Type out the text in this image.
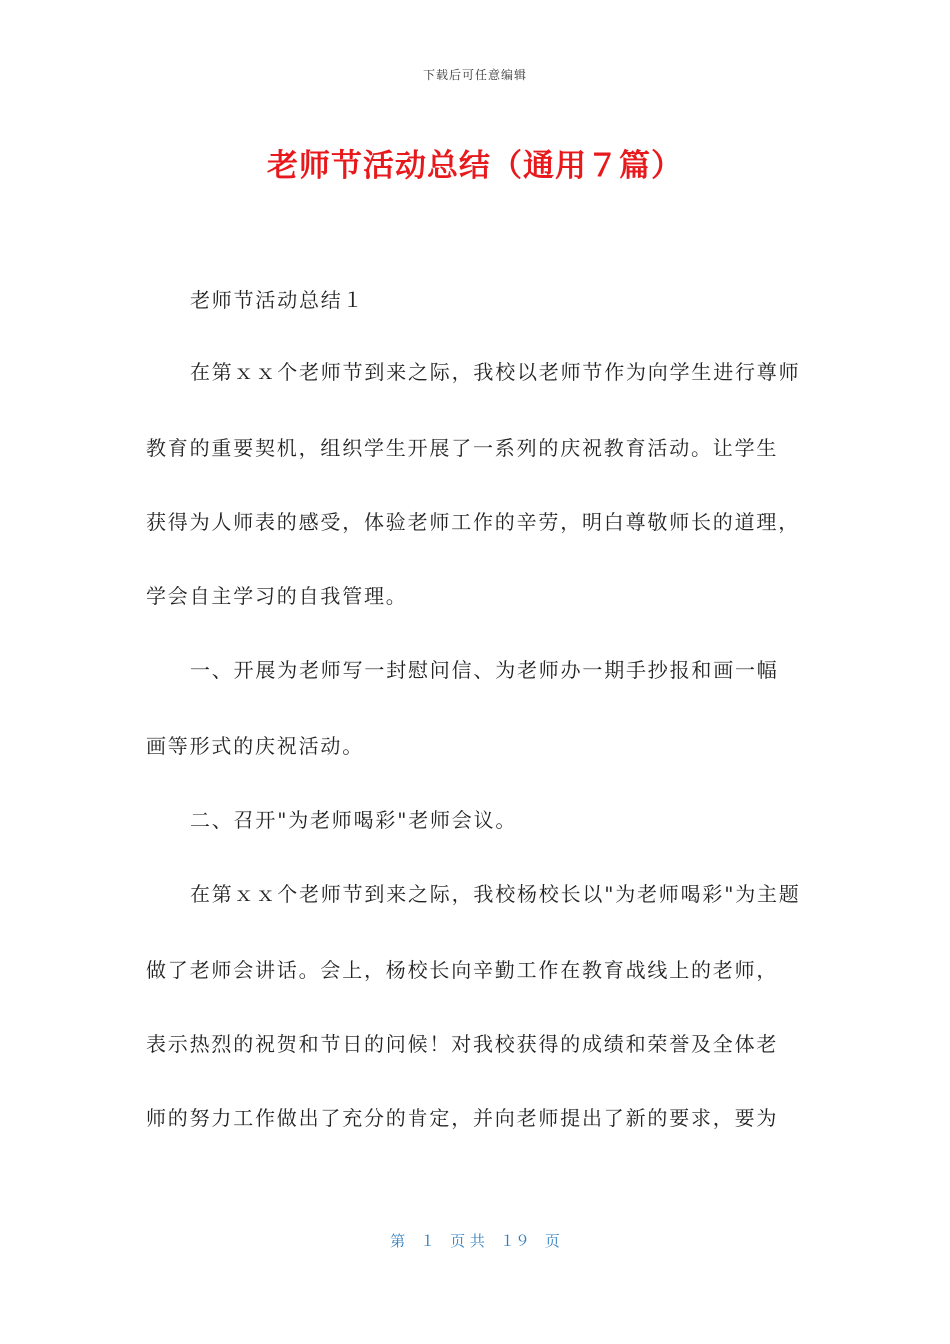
下载后可任意编辑
老师节活动总结（通用７篇）
老师节活动总结１
在第ｘｘ个老师节到来之际，我校以老师节作为向学生进行尊师
教育的重要契机，组织学生开展了一系列的庆祝教育活动。让学生
获得为人师表的感受，体验老师工作的辛劳，明白尊敬师长的道理，
学会自主学习的自我管理。
一、开展为老师写一封慰问信、为老师办一期手抄报和画一幅
画等形式的庆祝活动。
二、召开"为老师喝彩"老师会议。
在第ｘｘ个老师节到来之际，我校杨校长以"为老师喝彩"为主题
做了老师会讲话。会上，杨校长向辛勤工作在教育战线上的老师，
表示热烈的祝贺和节日的问候！对我校获得的成绩和荣誉及全体老
师的努力工作做出了充分的肯定，并向老师提出了新的要求，要为
第　１　页 共　１９　页
